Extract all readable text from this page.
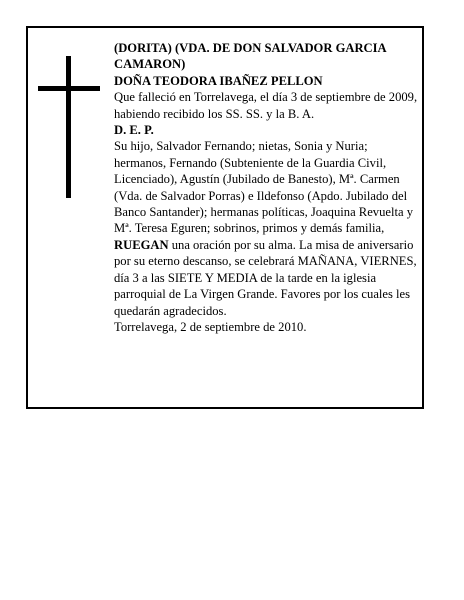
(DORITA) (VDA. DE DON SALVADOR GARCIA CAMARON)

DOÑA TEODORA IBAÑEZ PELLON

Que falleció en Torrelavega, el día 3 de septiembre de 2009, habiendo recibido los SS. SS. y la B. A.

D. E. P.

Su hijo, Salvador Fernando; nietas, Sonia y Nuria; hermanos, Fernando (Subteniente de la Guardia Civil, Licenciado), Agustín (Jubilado de Banesto), Mª. Carmen (Vda. de Salvador Porras) e Ildefonso (Apdo. Jubilado del Banco Santander); hermanas políticas, Joaquina Revuelta y Mª. Teresa Eguren; sobrinos, primos y demás familia,

RUEGAN una oración por su alma. La misa de aniversario por su eterno descanso, se celebrará MAÑANA, VIERNES, día 3 a las SIETE Y MEDIA de la tarde en la iglesia parroquial de La Virgen Grande. Favores por los cuales les quedarán agradecidos.

Torrelavega, 2 de septiembre de 2010.
